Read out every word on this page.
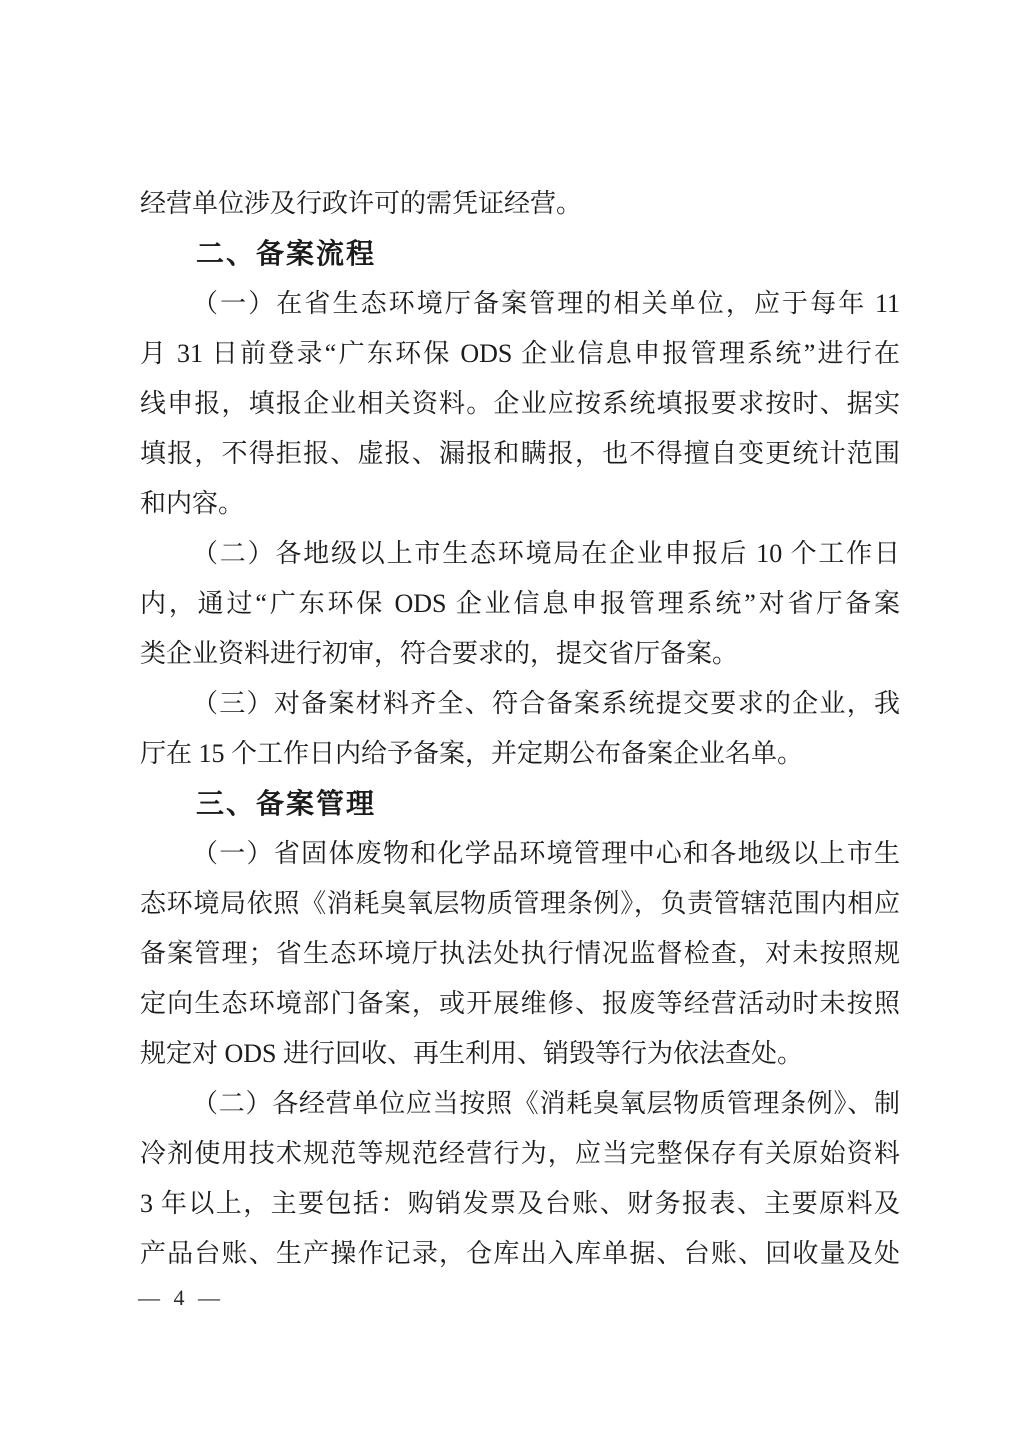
经营单位涉及行政许可的需凭证经营。
二、备案流程
（一）在省生态环境厅备案管理的相关单位，应于每年 11
月 31 日前登录“广东环保 ODS 企业信息申报管理系统”进行在
线申报，填报企业相关资料。企业应按系统填报要求按时、据实
填报，不得拒报、虚报、漏报和瞒报，也不得擅自变更统计范围
和内容。
（二）各地级以上市生态环境局在企业申报后 10 个工作日
内，通过“广东环保 ODS 企业信息申报管理系统”对省厅备案
类企业资料进行初审，符合要求的，提交省厅备案。
（三）对备案材料齐全、符合备案系统提交要求的企业，我
厅在 15 个工作日内给予备案，并定期公布备案企业名单。
三、备案管理
（一）省固体废物和化学品环境管理中心和各地级以上市生
态环境局依照《消耗臭氧层物质管理条例》，负责管辖范围内相应
备案管理；省生态环境厅执法处执行情况监督检查，对未按照规
定向生态环境部门备案，或开展维修、报废等经营活动时未按照
规定对 ODS 进行回收、再生利用、销毁等行为依法查处。
（二）各经营单位应当按照《消耗臭氧层物质管理条例》、制
冷剂使用技术规范等规范经营行为，应当完整保存有关原始资料
3 年以上，主要包括：购销发票及台账、财务报表、主要原料及
产品台账、生产操作记录，仓库出入库单据、台账、回收量及处
— 4 —
